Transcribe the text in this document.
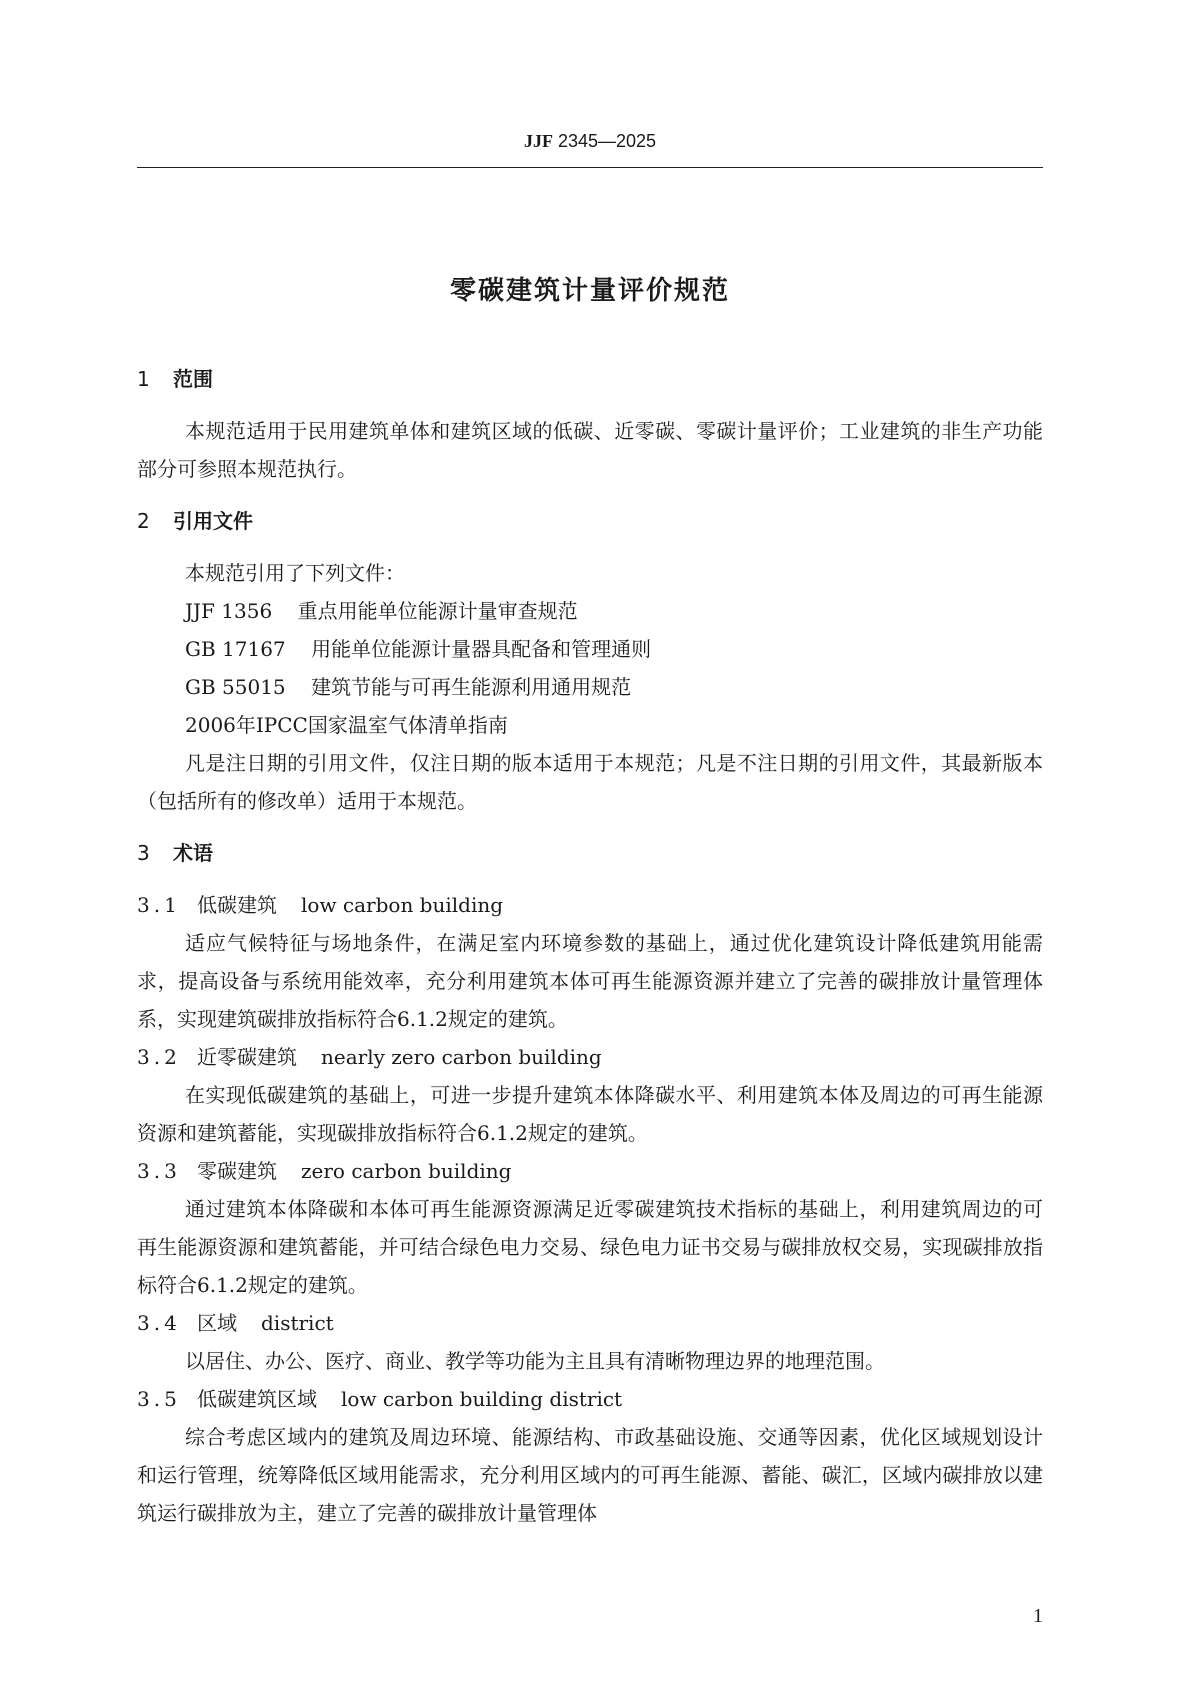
JJF 2345—2025
零碳建筑计量评价规范

1 范围

本规范适用于民用建筑单体和建筑区域的低碳、近零碳、零碳计量评价；工业建筑的非生产功能部分可参照本规范执行。

2 引用文件

本规范引用了下列文件：

JJF 1356 重点用能单位能源计量审查规范

GB 17167 用能单位能源计量器具配备和管理通则

GB 55015 建筑节能与可再生能源利用通用规范

2006年IPCC国家温室气体清单指南

凡是注日期的引用文件，仅注日期的版本适用于本规范；凡是不注日期的引用文件，其最新版本（包括所有的修改单）适用于本规范。

3 术语

3.1 低碳建筑 low carbon building

适应气候特征与场地条件，在满足室内环境参数的基础上，通过优化建筑设计降低建筑用能需求，提高设备与系统用能效率，充分利用建筑本体可再生能源资源并建立了完善的碳排放计量管理体系，实现建筑碳排放指标符合6.1.2规定的建筑。

3.2 近零碳建筑 nearly zero carbon building

在实现低碳建筑的基础上，可进一步提升建筑本体降碳水平、利用建筑本体及周边的可再生能源资源和建筑蓄能，实现碳排放指标符合6.1.2规定的建筑。

3.3 零碳建筑 zero carbon building

通过建筑本体降碳和本体可再生能源资源满足近零碳建筑技术指标的基础上，利用建筑周边的可再生能源资源和建筑蓄能，并可结合绿色电力交易、绿色电力证书交易与碳排放权交易，实现碳排放指标符合6.1.2规定的建筑。

3.4 区域 district

以居住、办公、医疗、商业、教学等功能为主且具有清晰物理边界的地理范围。

3.5 低碳建筑区域 low carbon building district

综合考虑区域内的建筑及周边环境、能源结构、市政基础设施、交通等因素，优化区域规划设计和运行管理，统筹降低区域用能需求，充分利用区域内的可再生能源、蓄能、碳汇，区域内碳排放以建筑运行碳排放为主，建立了完善的碳排放计量管理体

1
